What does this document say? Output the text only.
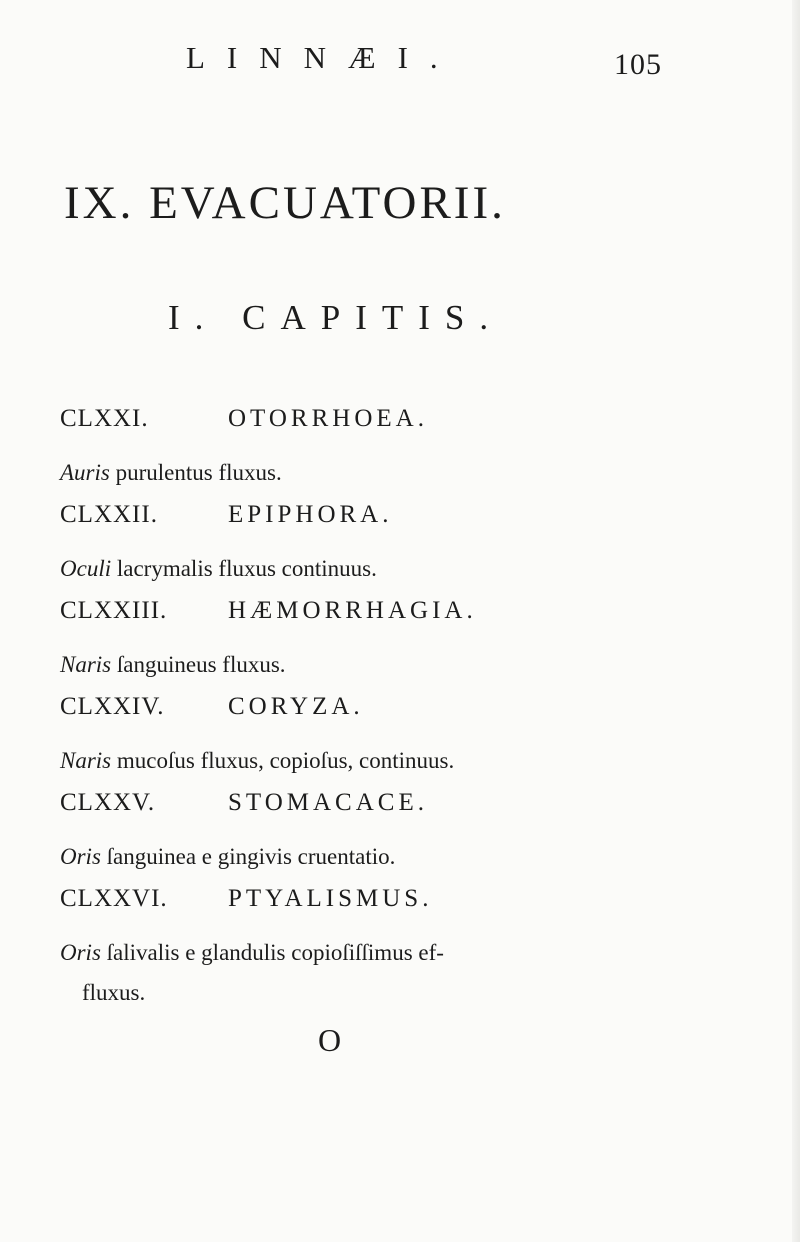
LINNÆI.	105
IX. EVACUATORII.
I. CAPITIS.
CLXXI.	OTORRHOEA.
Auris purulentus fluxus.
CLXXII.	EPIPHORA.
Oculi lacrymalis fluxus continuus.
CLXXIII.	HÆMORRHAGIA.
Naris ſanguineus fluxus.
CLXXIV.	CORYZA.
Naris mucoſus fluxus, copioſus, continuus.
CLXXV.	STOMACACE.
Oris ſanguinea e gingivis cruentatio.
CLXXVI.	PTYALISMUS.
Oris ſalivalis e glandulis copioſiſſimus ef-
fluxus.
O
